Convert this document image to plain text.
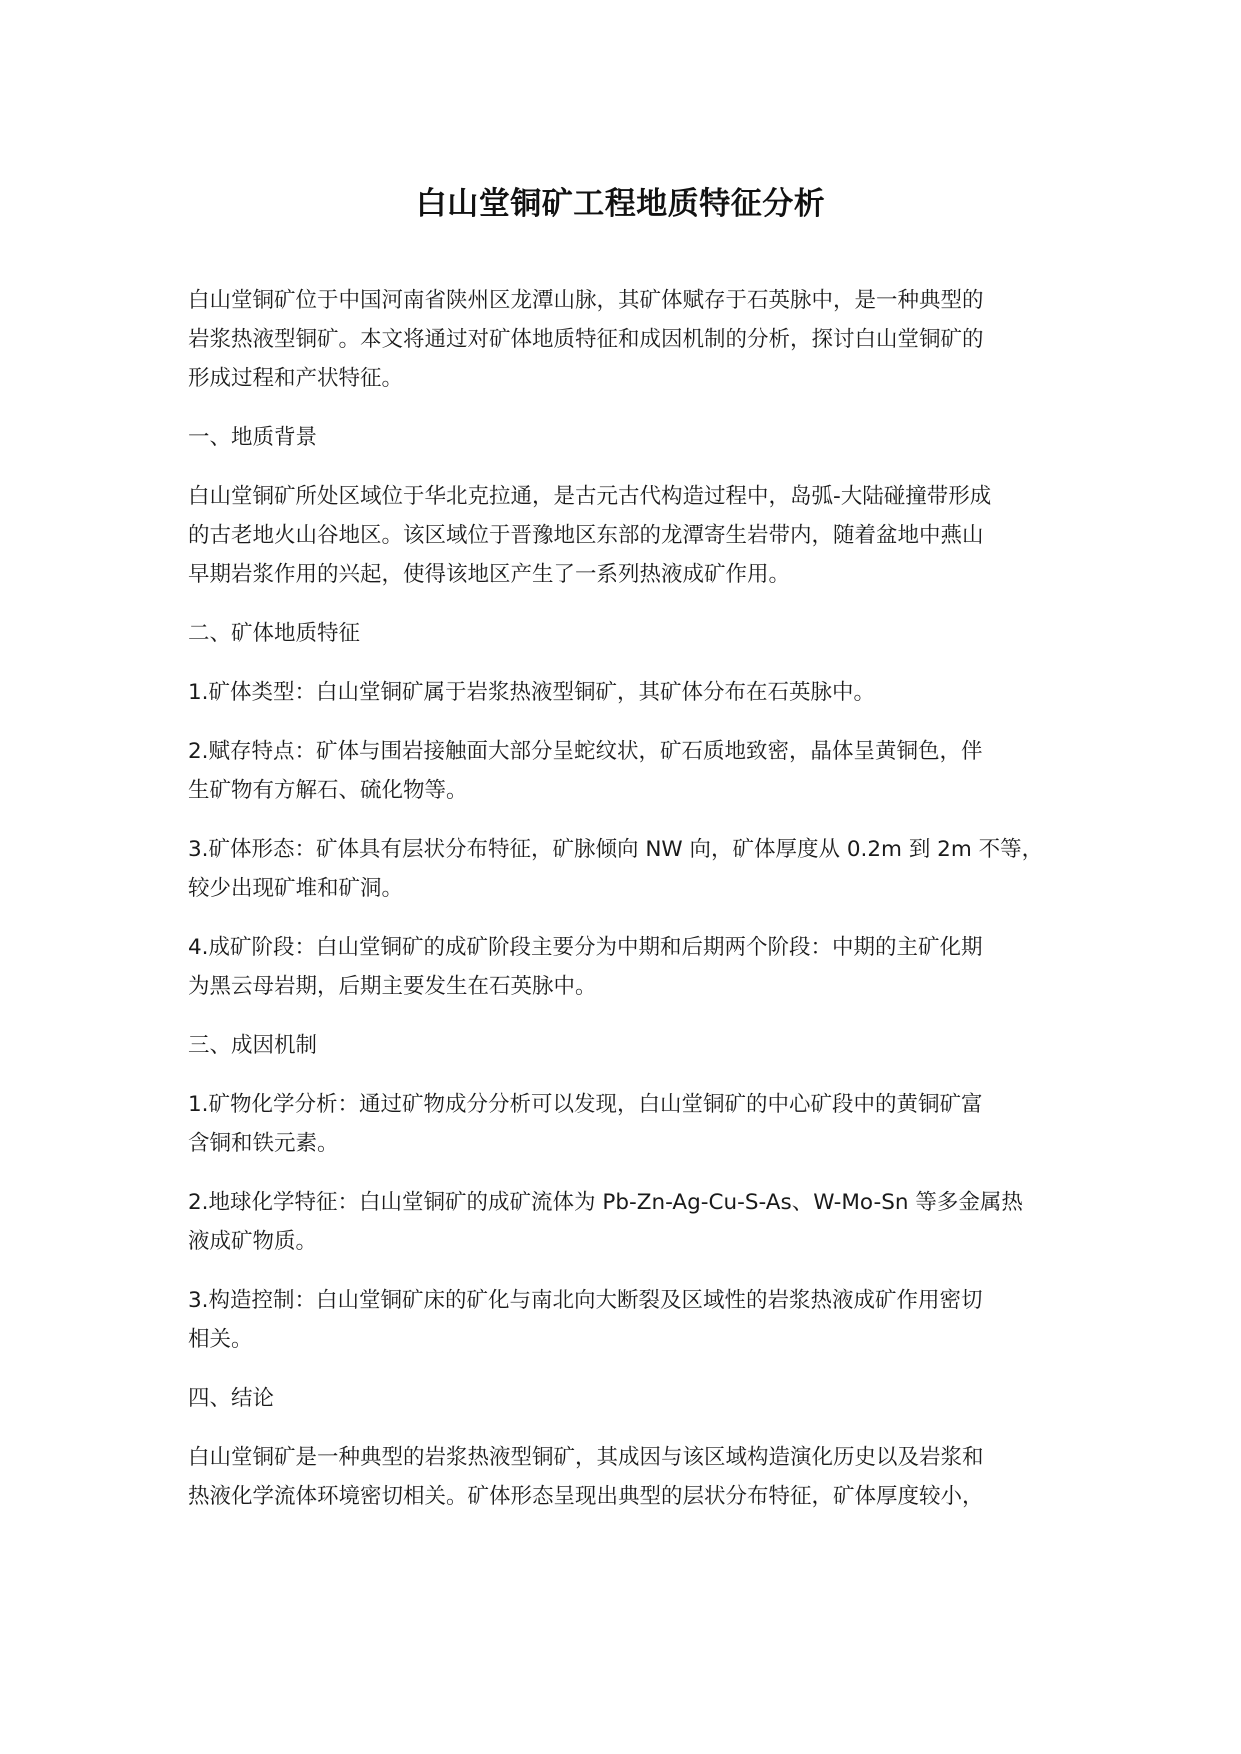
白山堂铜矿工程地质特征分析
白山堂铜矿位于中国河南省陕州区龙潭山脉，其矿体赋存于石英脉中，是一种典型的
岩浆热液型铜矿。本文将通过对矿体地质特征和成因机制的分析，探讨白山堂铜矿的
形成过程和产状特征。
一、地质背景
白山堂铜矿所处区域位于华北克拉通，是古元古代构造过程中，岛弧-大陆碰撞带形成
的古老地火山谷地区。该区域位于晋豫地区东部的龙潭寄生岩带内，随着盆地中燕山
早期岩浆作用的兴起，使得该地区产生了一系列热液成矿作用。
二、矿体地质特征
1.矿体类型：白山堂铜矿属于岩浆热液型铜矿，其矿体分布在石英脉中。
2.赋存特点：矿体与围岩接触面大部分呈蛇纹状，矿石质地致密，晶体呈黄铜色，伴
生矿物有方解石、硫化物等。
3.矿体形态：矿体具有层状分布特征，矿脉倾向 NW 向，矿体厚度从 0.2m 到 2m 不等，
较少出现矿堆和矿洞。
4.成矿阶段：白山堂铜矿的成矿阶段主要分为中期和后期两个阶段：中期的主矿化期
为黑云母岩期，后期主要发生在石英脉中。
三、成因机制
1.矿物化学分析：通过矿物成分分析可以发现，白山堂铜矿的中心矿段中的黄铜矿富
含铜和铁元素。
2.地球化学特征：白山堂铜矿的成矿流体为 Pb-Zn-Ag-Cu-S-As、W-Mo-Sn 等多金属热
液成矿物质。
3.构造控制：白山堂铜矿床的矿化与南北向大断裂及区域性的岩浆热液成矿作用密切
相关。
四、结论
白山堂铜矿是一种典型的岩浆热液型铜矿，其成因与该区域构造演化历史以及岩浆和
热液化学流体环境密切相关。矿体形态呈现出典型的层状分布特征，矿体厚度较小，
